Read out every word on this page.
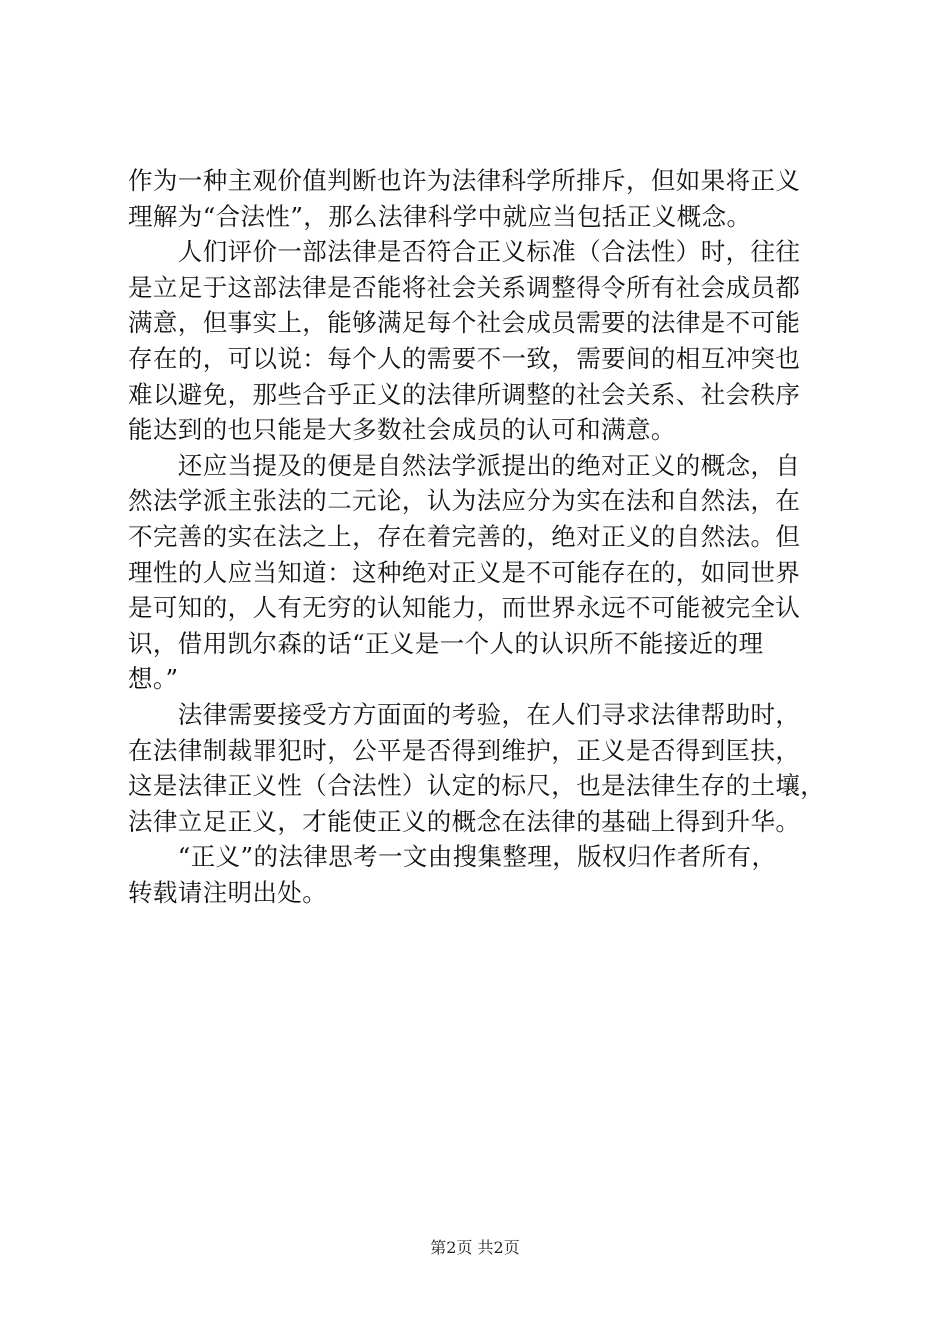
作为一种主观价值判断也许为法律科学所排斥，但如果将正义
理解为“合法性”，那么法律科学中就应当包括正义概念。
　　人们评价一部法律是否符合正义标准（合法性）时，往往
是立足于这部法律是否能将社会关系调整得令所有社会成员都
满意，但事实上，能够满足每个社会成员需要的法律是不可能
存在的，可以说：每个人的需要不一致，需要间的相互冲突也
难以避免，那些合乎正义的法律所调整的社会关系、社会秩序
能达到的也只能是大多数社会成员的认可和满意。
　　还应当提及的便是自然法学派提出的绝对正义的概念，自
然法学派主张法的二元论，认为法应分为实在法和自然法，在
不完善的实在法之上，存在着完善的，绝对正义的自然法。但
理性的人应当知道：这种绝对正义是不可能存在的，如同世界
是可知的，人有无穷的认知能力，而世界永远不可能被完全认
识，借用凯尔森的话“正义是一个人的认识所不能接近的理
想。”
　　法律需要接受方方面面的考验，在人们寻求法律帮助时，
在法律制裁罪犯时，公平是否得到维护，正义是否得到匡扶，
这是法律正义性（合法性）认定的标尺，也是法律生存的土壤，
法律立足正义，才能使正义的概念在法律的基础上得到升华。
　　“正义”的法律思考一文由搜集整理，版权归作者所有，
转载请注明出处。
第2页 共2页
